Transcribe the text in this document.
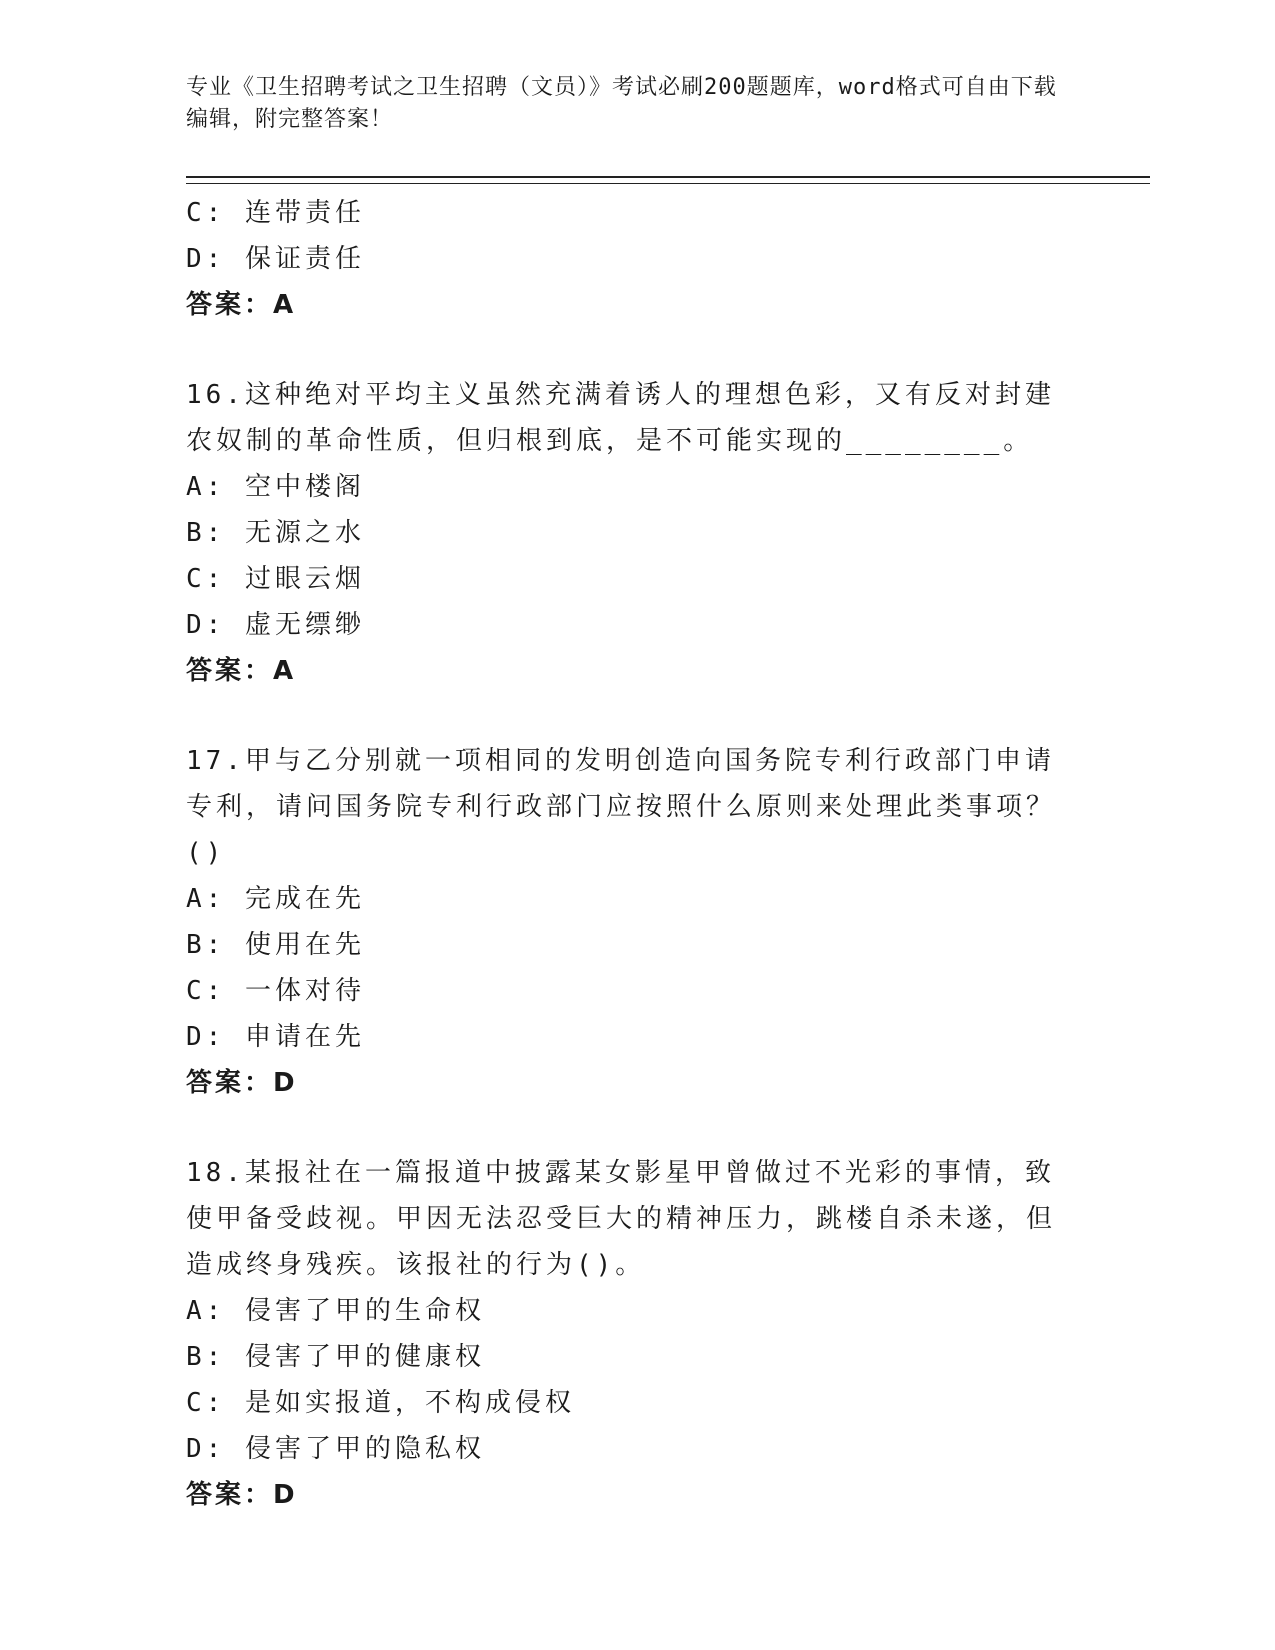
专业《卫生招聘考试之卫生招聘（文员）》考试必刷200题题库，word格式可自由下载编辑，附完整答案！
C: 连带责任
D: 保证责任
答案：A
16.这种绝对平均主义虽然充满着诱人的理想色彩，又有反对封建农奴制的革命性质，但归根到底，是不可能实现的________。
A: 空中楼阁
B: 无源之水
C: 过眼云烟
D: 虚无缥缈
答案：A
17.甲与乙分别就一项相同的发明创造向国务院专利行政部门申请专利，请问国务院专利行政部门应按照什么原则来处理此类事项？()
A: 完成在先
B: 使用在先
C: 一体对待
D: 申请在先
答案：D
18.某报社在一篇报道中披露某女影星甲曾做过不光彩的事情，致使甲备受歧视。甲因无法忍受巨大的精神压力，跳楼自杀未遂，但造成终身残疾。该报社的行为()。
A: 侵害了甲的生命权
B: 侵害了甲的健康权
C: 是如实报道，不构成侵权
D: 侵害了甲的隐私权
答案：D
